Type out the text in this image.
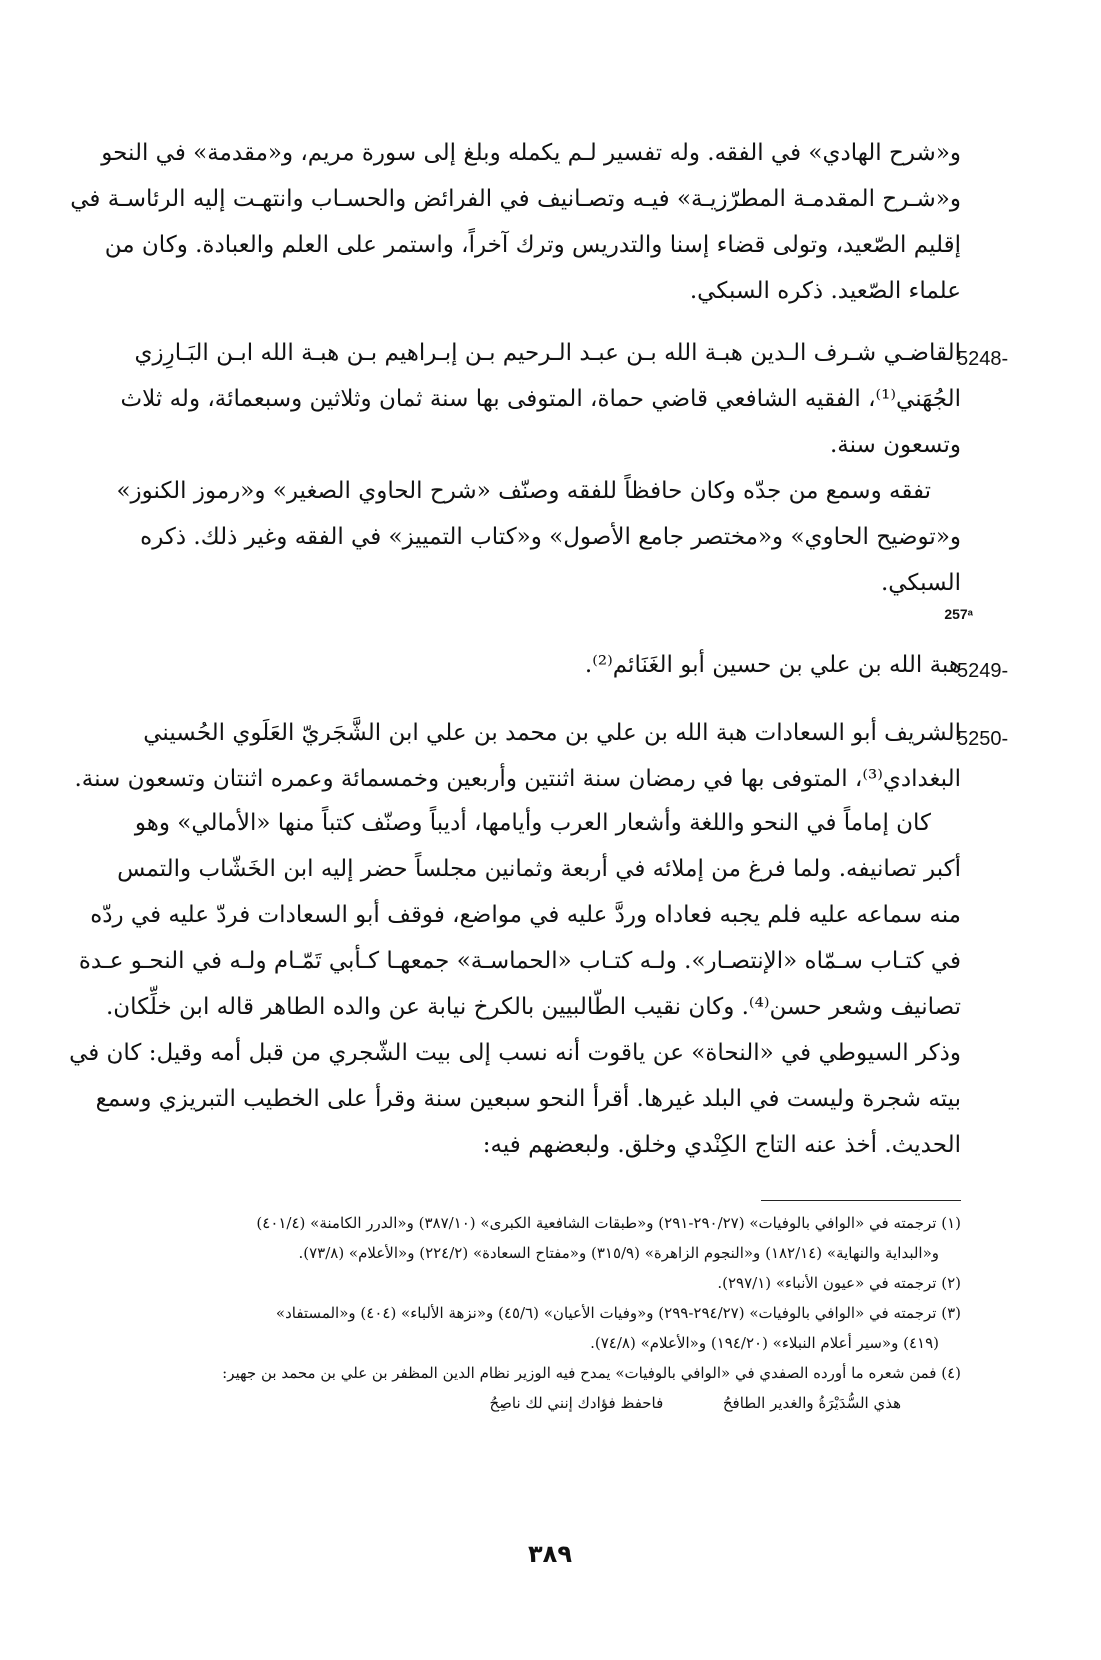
و«شرح الهادي» في الفقه. وله تفسير لـم يكمله وبلغ إلى سورة مريم، و«مقدمة» في النحو
و«شـرح المقدمـة المطرّزيـة» فيـه وتصـانيف في الفرائض والحسـاب وانتهـت إليه الرئاسـة في
إقليم الصّعيد، وتولى قضاء إسنا والتدريس وترك آخراً، واستمر على العلم والعبادة. وكان من
علماء الصّعيد. ذكره السبكي.
5248-
القاضـي شـرف الـدين هبـة الله بـن عبـد الـرحيم بـن إبـراهيم بـن هبـة الله ابـن البَـارِزي
الجُهَني⁽¹⁾، الفقيه الشافعي قاضي حماة، المتوفى بها سنة ثمان وثلاثين وسبعمائة، وله ثلاث
وتسعون سنة.
تفقه وسمع من جدّه وكان حافظاً للفقه وصنّف «شرح الحاوي الصغير» و«رموز الكنوز»
و«توضيح الحاوي» و«مختصر جامع الأصول» و«كتاب التمييز» في الفقه وغير ذلك. ذكره
السبكي.
257ᵃ
5249-
هبة الله بن علي بن حسين أبو الغَنَائم⁽²⁾.
5250-
الشريف أبو السعادات هبة الله بن علي بن محمد بن علي ابن الشَّجَريّ العَلَوي الحُسيني
البغدادي⁽³⁾، المتوفى بها في رمضان سنة اثنتين وأربعين وخمسمائة وعمره اثنتان وتسعون سنة.
كان إماماً في النحو واللغة وأشعار العرب وأيامها، أديباً وصنّف كتباً منها «الأمالي» وهو
أكبر تصانيفه. ولما فرغ من إملائه في أربعة وثمانين مجلساً حضر إليه ابن الخَشّاب والتمس
منه سماعه عليه فلم يجبه فعاداه وردَّ عليه في مواضع، فوقف أبو السعادات فردّ عليه في ردّه
في كتـاب سـمّاه «الإنتصـار». ولـه كتـاب «الحماسـة» جمعهـا كـأبي تَمّـام ولـه في النحـو عـدة
تصانيف وشعر حسن⁽⁴⁾. وكان نقيب الطّالبيين بالكرخ نيابة عن والده الطاهر قاله ابن خلِّكان.
وذكر السيوطي في «النحاة» عن ياقوت أنه نسب إلى بيت الشّجري من قبل أمه وقيل: كان في
بيته شجرة وليست في البلد غيرها. أقرأ النحو سبعين سنة وقرأ على الخطيب التبريزي وسمع
الحديث. أخذ عنه التاج الكِنْدي وخلق. ولبعضهم فيه:
(١) ترجمته في «الوافي بالوفيات» (٢٩٠/٢٧-٢٩١) و«طبقات الشافعية الكبرى» (٣٨٧/١٠) و«الدرر الكامنة» (٤٠١/٤)
و«البداية والنهاية» (١٨٢/١٤) و«النجوم الزاهرة» (٣١٥/٩) و«مفتاح السعادة» (٢٢٤/٢) و«الأعلام» (٧٣/٨).
(٢) ترجمته في «عيون الأنباء» (٢٩٧/١).
(٣) ترجمته في «الوافي بالوفيات» (٢٩٤/٢٧-٢٩٩) و«وفيات الأعيان» (٤٥/٦) و«نزهة الألباء» (٤٠٤) و«المستفاد»
(٤١٩) و«سير أعلام النبلاء» (١٩٤/٢٠) و«الأعلام» (٧٤/٨).
(٤) فمن شعره ما أورده الصفدي في «الوافي بالوفيات» يمدح فيه الوزير نظام الدين المظفر بن علي بن محمد بن جهير:
هذي السُّدَيْرَةُ والغدير الطافحُ  فاحفظ فؤادك إنني لك ناصِحُ
٣٨٩
